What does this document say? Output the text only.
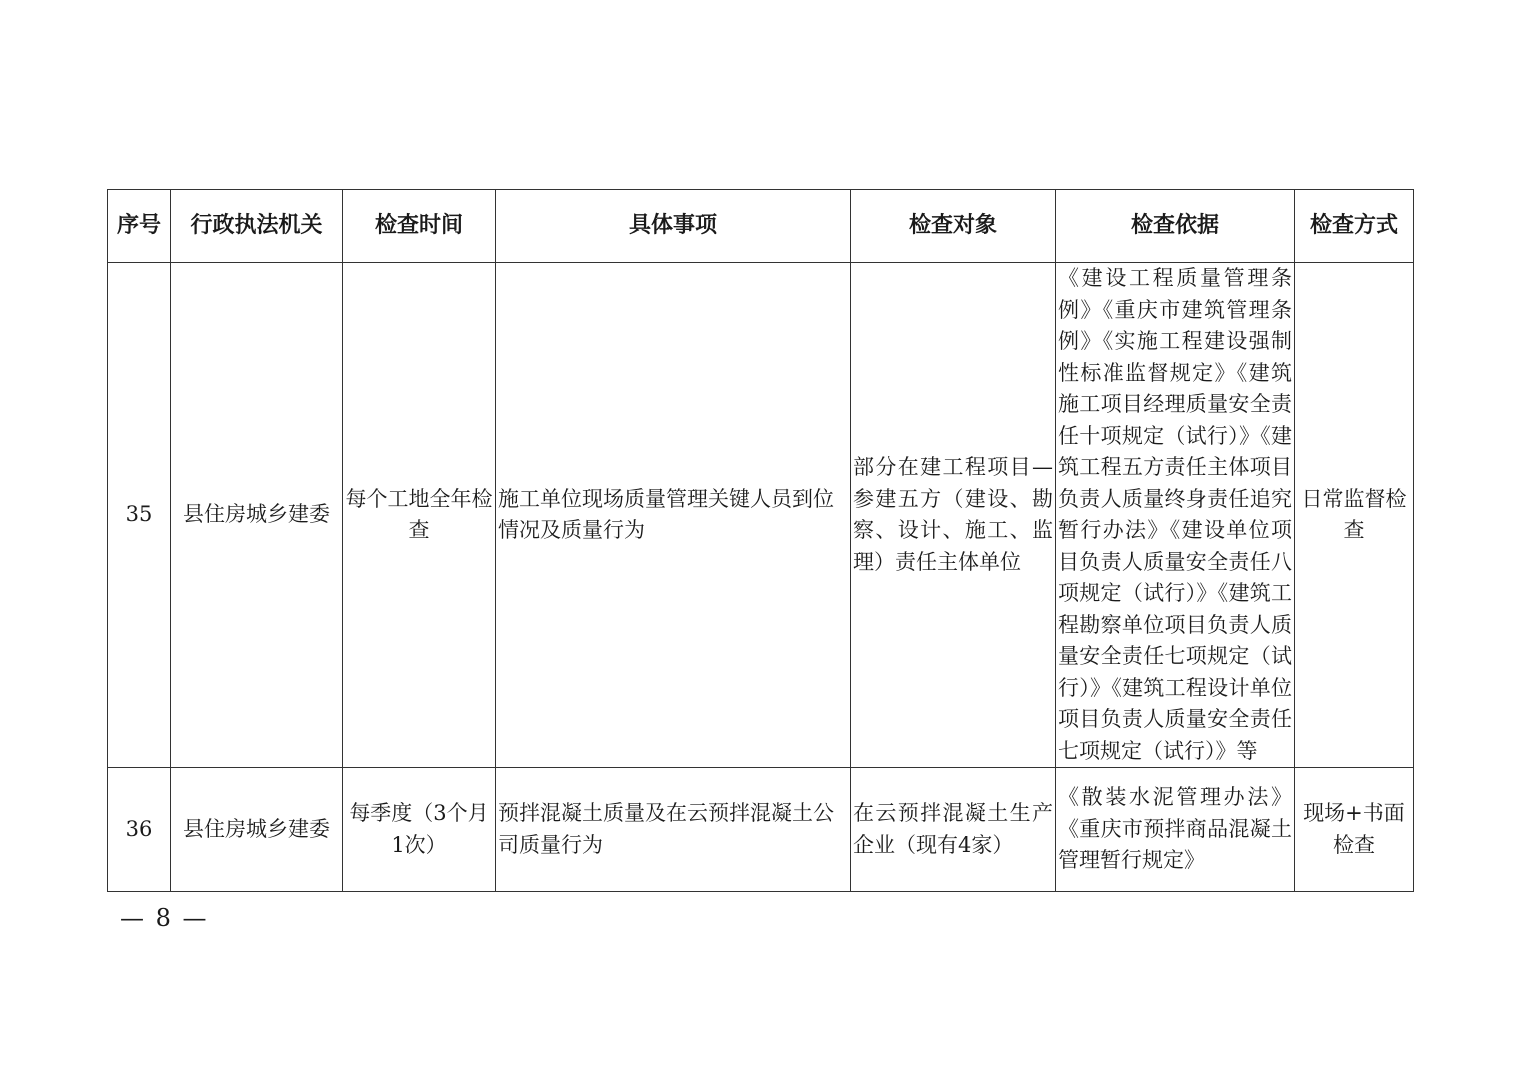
序号	行政执法机关	检查时间	具体事项	检查对象	检查依据	检查方式
35	县住房城乡建委	每个工地全年检查	施工单位现场质量管理关键人员到位情况及质量行为	部分在建工程项目—参建五方（建设、勘察、设计、施工、监理）责任主体单位	《建设工程质量管理条例》《重庆市建筑管理条例》《实施工程建设强制性标准监督规定》《建筑施工项目经理质量安全责任十项规定（试行）》《建筑工程五方责任主体项目负责人质量终身责任追究暂行办法》《建设单位项目负责人质量安全责任八项规定（试行）》《建筑工程勘察单位项目负责人质量安全责任七项规定（试行）》《建筑工程设计单位项目负责人质量安全责任七项规定（试行）》等	日常监督检查
36	县住房城乡建委	每季度（3个月1次）	预拌混凝土质量及在云预拌混凝土公司质量行为	在云预拌混凝土生产企业（现有4家）	《散装水泥管理办法》《重庆市预拌商品混凝土管理暂行规定》	现场+书面检查
— 8 —
